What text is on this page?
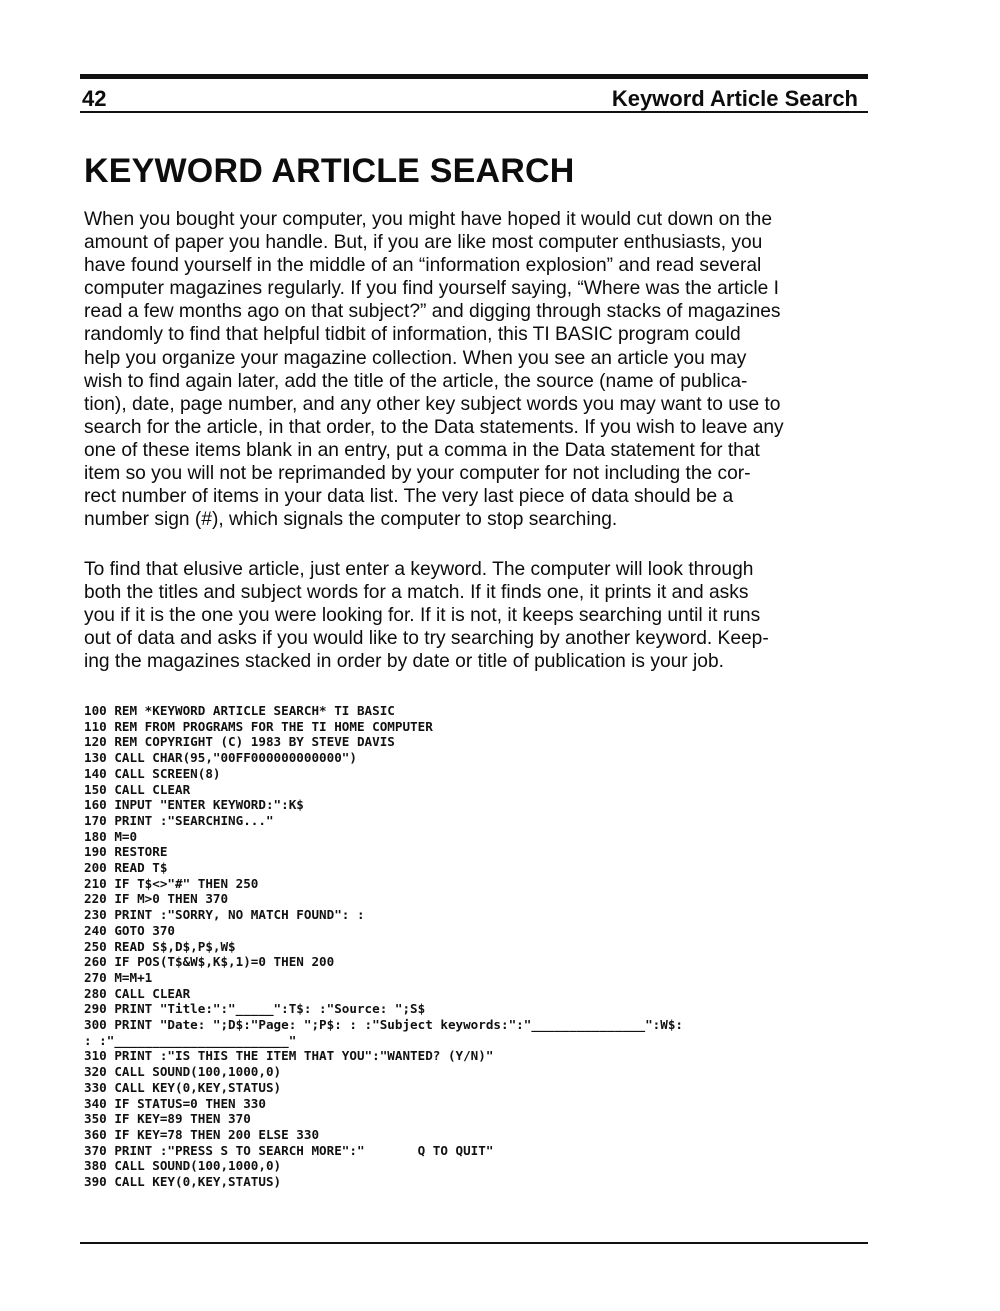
42	Keyword Article Search
KEYWORD ARTICLE SEARCH
When you bought your computer, you might have hoped it would cut down on the
amount of paper you handle. But, if you are like most computer enthusiasts, you
have found yourself in the middle of an “information explosion” and read several
computer magazines regularly. If you find yourself saying, “Where was the article I
read a few months ago on that subject?” and digging through stacks of magazines
randomly to find that helpful tidbit of information, this TI BASIC program could
help you organize your magazine collection. When you see an article you may
wish to find again later, add the title of the article, the source (name of publica-
tion), date, page number, and any other key subject words you may want to use to
search for the article, in that order, to the Data statements. If you wish to leave any
one of these items blank in an entry, put a comma in the Data statement for that
item so you will not be reprimanded by your computer for not including the cor-
rect number of items in your data list. The very last piece of data should be a
number sign (#), which signals the computer to stop searching.
To find that elusive article, just enter a keyword. The computer will look through
both the titles and subject words for a match. If it finds one, it prints it and asks
you if it is the one you were looking for. If it is not, it keeps searching until it runs
out of data and asks if you would like to try searching by another keyword. Keep-
ing the magazines stacked in order by date or title of publication is your job.
100 REM *KEYWORD ARTICLE SEARCH* TI BASIC
110 REM FROM PROGRAMS FOR THE TI HOME COMPUTER
120 REM COPYRIGHT (C) 1983 BY STEVE DAVIS
130 CALL CHAR(95,"00FF000000000000")
140 CALL SCREEN(8)
150 CALL CLEAR
160 INPUT "ENTER KEYWORD:":K$
170 PRINT :"SEARCHING..."
180 M=0
190 RESTORE
200 READ T$
210 IF T$<>"#" THEN 250
220 IF M>0 THEN 370
230 PRINT :"SORRY, NO MATCH FOUND": :
240 GOTO 370
250 READ S$,D$,P$,W$
260 IF POS(T$&W$,K$,1)=0 THEN 200
270 M=M+1
280 CALL CLEAR
290 PRINT "Title:":"_____":T$: :"Source: ";S$
300 PRINT "Date: ";D$:"Page: ";P$: : :"Subject keywords:":"_______________":W$:
: :"_______________________"
310 PRINT :"IS THIS THE ITEM THAT YOU":"WANTED? (Y/N)"
320 CALL SOUND(100,1000,0)
330 CALL KEY(0,KEY,STATUS)
340 IF STATUS=0 THEN 330
350 IF KEY=89 THEN 370
360 IF KEY=78 THEN 200 ELSE 330
370 PRINT :"PRESS S TO SEARCH MORE":"       Q TO QUIT"
380 CALL SOUND(100,1000,0)
390 CALL KEY(0,KEY,STATUS)
